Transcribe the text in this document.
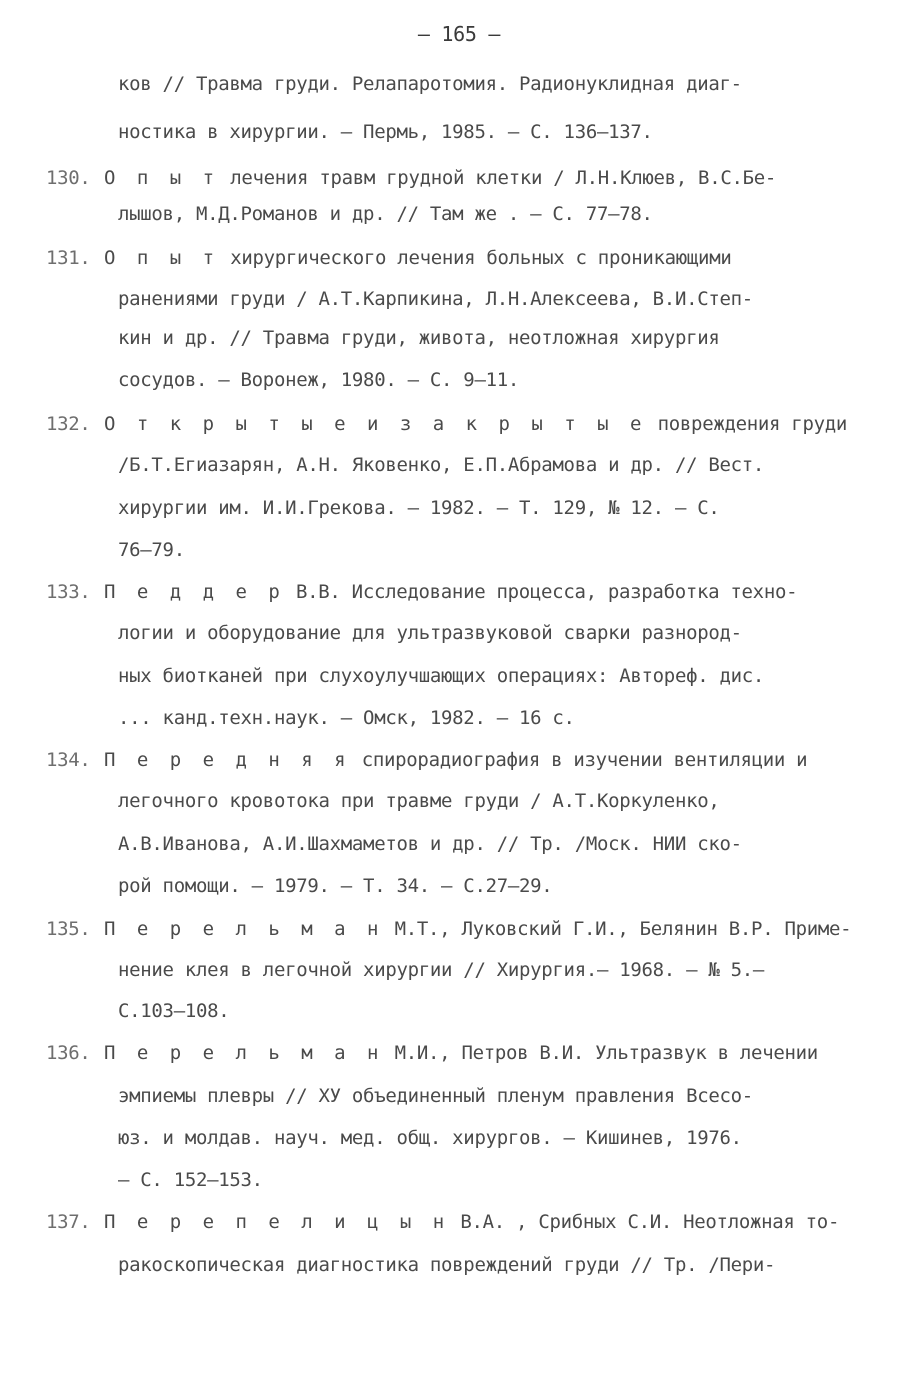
– 165 –
ков // Травма груди. Релапаротомия. Радионуклидная диаг-
ностика в хирургии. – Пермь, 1985. – С. 136–137.
130. О п ы т лечения травм грудной клетки / Л.Н.Клюев, В.С.Бе-
лышов, М.Д.Романов и др. // Там же . – С. 77–78.
131. О п ы т хирургического лечения больных с проникающими
ранениями груди / А.Т.Карпикина, Л.Н.Алексеева, В.И.Степ-
кин и др. // Травма груди, живота, неотложная хирургия
сосудов. – Воронеж, 1980. – С. 9–11.
132. О т к р ы т ы е и з а к р ы т ы е повреждения груди
/Б.Т.Егиазарян, А.Н. Яковенко, Е.П.Абрамова и др. // Вест.
хирургии им. И.И.Грекова. – 1982. – Т. 129, № 12. – С.
76–79.
133. П е д д е р В.В. Исследование процесса, разработка техно-
логии и оборудование для ультразвуковой сварки разнород-
ных биотканей при слухоулучшающих операциях: Автореф. дис.
... канд.техн.наук. – Омск, 1982. – 16 с.
134. П е р е д н я я спирорадиография в изучении вентиляции и
легочного кровотока при травме груди / А.Т.Коркуленко,
А.В.Иванова, А.И.Шахмаметов и др. // Тр. /Моск. НИИ ско-
рой помощи. – 1979. – Т. 34. – С.27–29.
135. П е р е л ь м а н М.Т., Луковский Г.И., Белянин В.Р. Приме-
нение клея в легочной хирургии // Хирургия.– 1968. – № 5.–
С.103–108.
136. П е р е л ь м а н М.И., Петров В.И. Ультразвук в лечении
эмпиемы плевры // ХУ объединенный пленум правления Всесо-
юз. и молдав. науч. мед. общ. хирургов. – Кишинев, 1976.
– С. 152–153.
137. П е р е п е л и ц ы н В.А. , Срибных С.И. Неотложная то-
ракоскопическая диагностика повреждений груди // Тр. /Пери-
